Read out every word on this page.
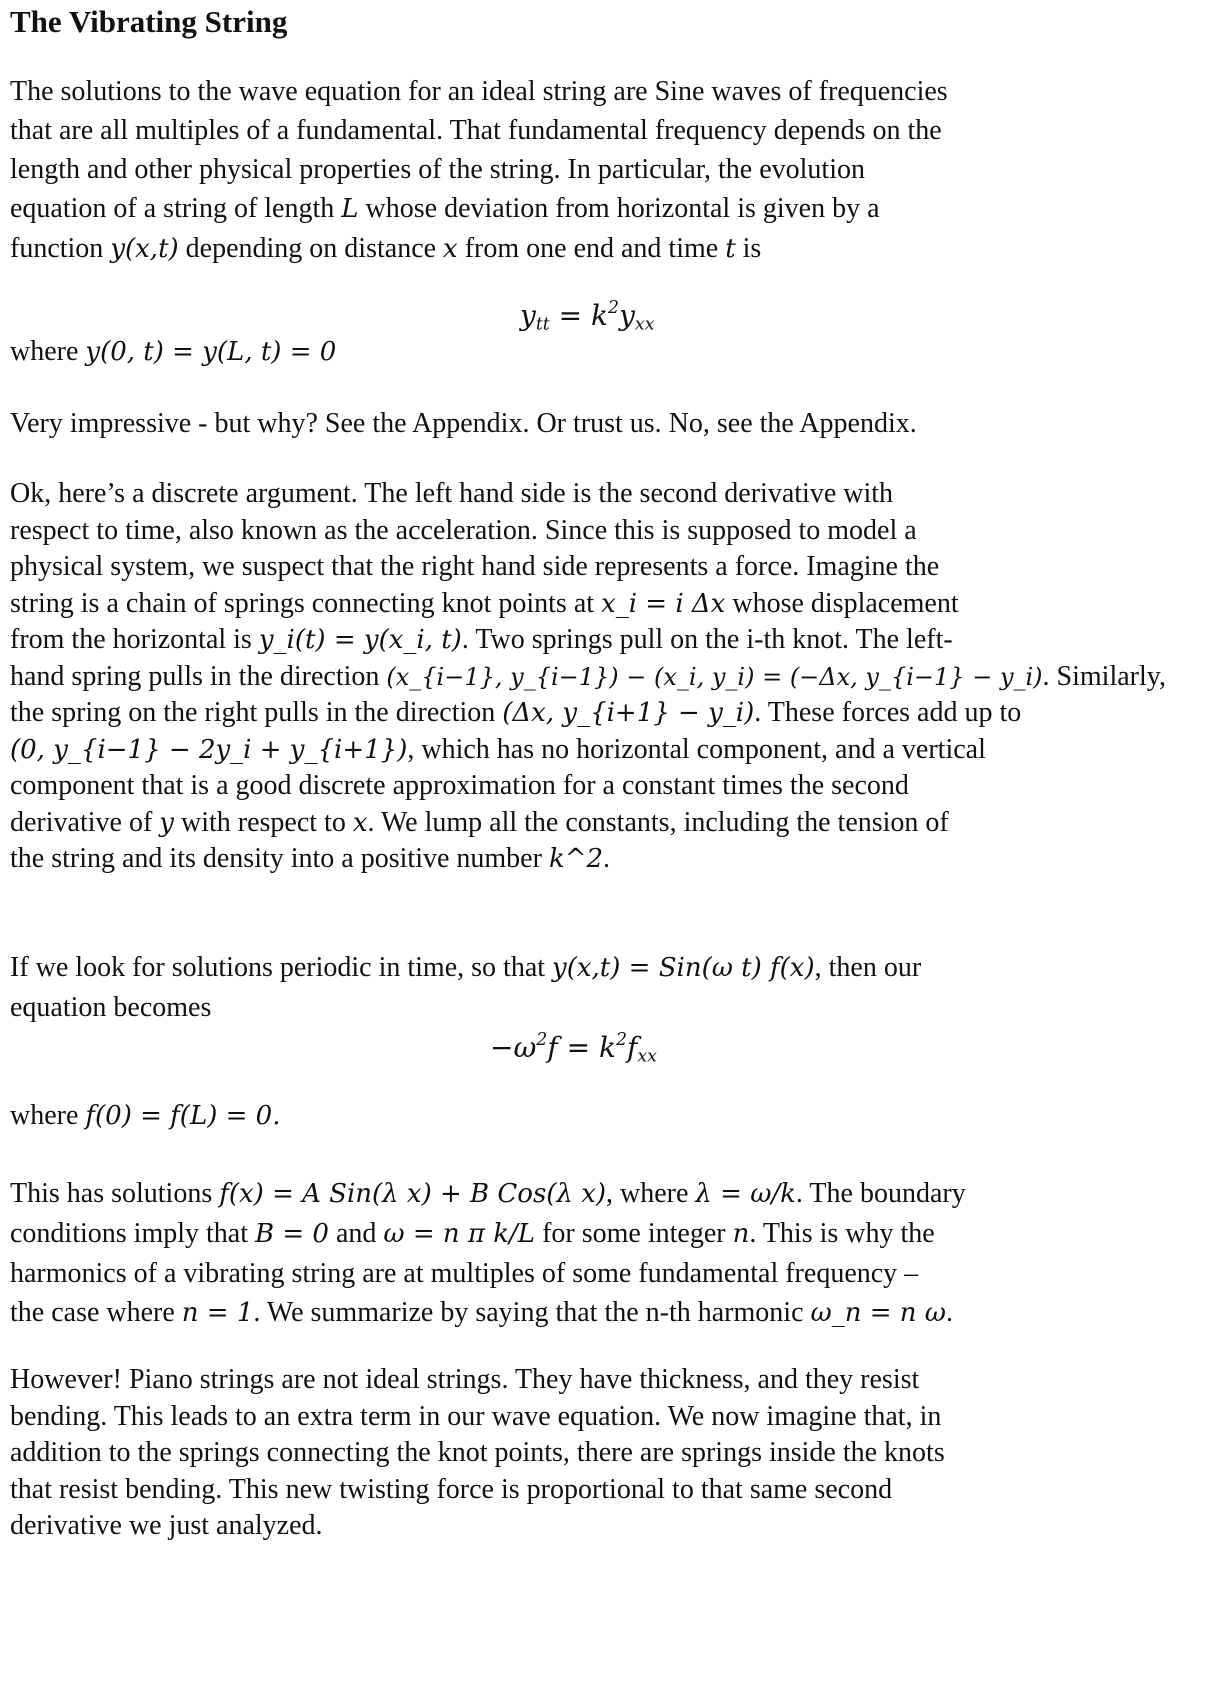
The Vibrating String
The solutions to the wave equation for an ideal string are Sine waves of frequencies
that are all multiples of a fundamental. That fundamental frequency depends on the
length and other physical properties of the string. In particular, the evolution
equation of a string of length L whose deviation from horizontal is given by a
function y(x,t) depending on distance x from one end and time t is
$y_{tt} = k^2y_{xx}$
where y(0, t) = y(L, t) = 0
Very impressive - but why? See the Appendix. Or trust us. No, see the Appendix.
Ok, here’s a discrete argument. The left hand side is the second derivative with
respect to time, also known as the acceleration. Since this is supposed to model a
physical system, we suspect that the right hand side represents a force. Imagine the
string is a chain of springs connecting knot points at x_i = i Δx whose displacement
from the horizontal is y_i(t) = y(x_i, t). Two springs pull on the i-th knot. The left-
hand spring pulls in the direction (x_{i−1}, y_{i−1}) − (x_i, y_i) = (−Δx, y_{i−1} − y_i). Similarly,
the spring on the right pulls in the direction (Δx, y_{i+1} − y_i). These forces add up to
(0, y_{i−1} − 2y_i + y_{i+1}), which has no horizontal component, and a vertical
component that is a good discrete approximation for a constant times the second
derivative of y with respect to x. We lump all the constants, including the tension of
the string and its density into a positive number k^2.
If we look for solutions periodic in time, so that y(x,t) = Sin(ω t) f(x), then our
equation becomes
$-\omega^2f = k^2f_{xx}$
where f(0) = f(L) = 0.
This has solutions f(x) = A Sin(λ x) + B Cos(λ x), where λ = ω/k. The boundary
conditions imply that B = 0 and ω = n π k/L for some integer n. This is why the
harmonics of a vibrating string are at multiples of some fundamental frequency –
the case where n = 1. We summarize by saying that the n-th harmonic ω_n = n ω.
However! Piano strings are not ideal strings. They have thickness, and they resist
bending. This leads to an extra term in our wave equation. We now imagine that, in
addition to the springs connecting the knot points, there are springs inside the knots
that resist bending. This new twisting force is proportional to that same second
derivative we just analyzed.
